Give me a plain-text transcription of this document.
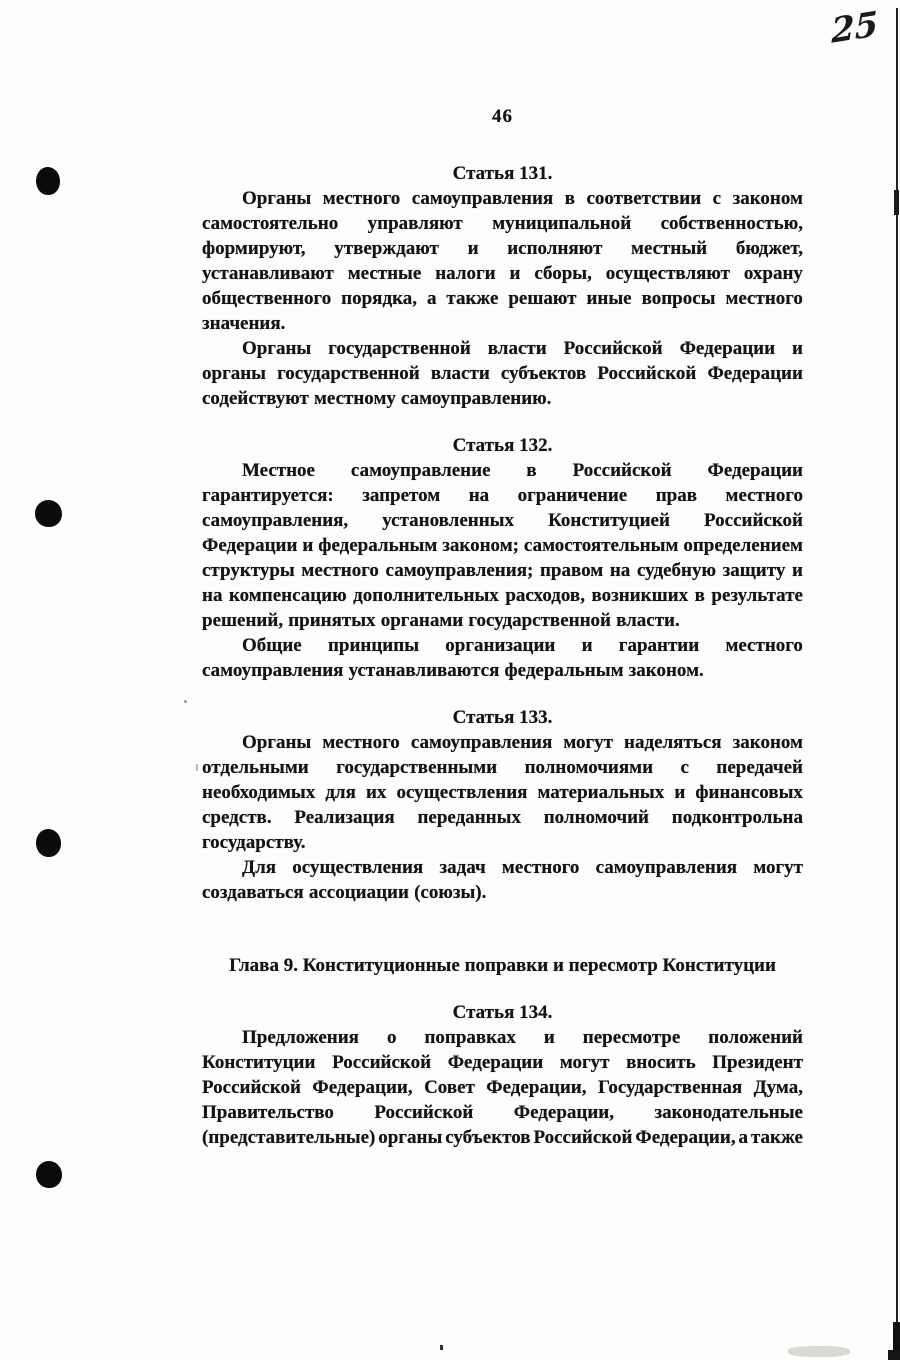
25
46
Статья 131.
Органы местного самоуправления в соответствии с законом
самостоятельно управляют муниципальной собственностью,
формируют, утверждают и исполняют местный бюджет,
устанавливают местные налоги и сборы, осуществляют охрану
общественного порядка, а также решают иные вопросы местного
значения.
Органы государственной власти Российской Федерации и
органы государственной власти субъектов Российской Федерации
содействуют местному самоуправлению.
Статья 132.
Местное самоуправление в Российской Федерации
гарантируется: запретом на ограничение прав местного
самоуправления, установленных Конституцией Российской
Федерации и федеральным законом; самостоятельным определением
структуры местного самоуправления; правом на судебную защиту и
на компенсацию дополнительных расходов, возникших в результате
решений, принятых органами государственной власти.
Общие принципы организации и гарантии местного
самоуправления устанавливаются федеральным законом.
Статья 133.
Органы местного самоуправления могут наделяться законом
отдельными государственными полномочиями с передачей
необходимых для их осуществления материальных и финансовых
средств. Реализация переданных полномочий подконтрольна
государству.
Для осуществления задач местного самоуправления могут
создаваться ассоциации (союзы).
Глава 9. Конституционные поправки и пересмотр Конституции
Статья 134.
Предложения о поправках и пересмотре положений
Конституции Российской Федерации могут вносить Президент
Российской Федерации, Совет Федерации, Государственная Дума,
Правительство Российской Федерации, законодательные
(представительные) органы субъектов Российской Федерации, а также
